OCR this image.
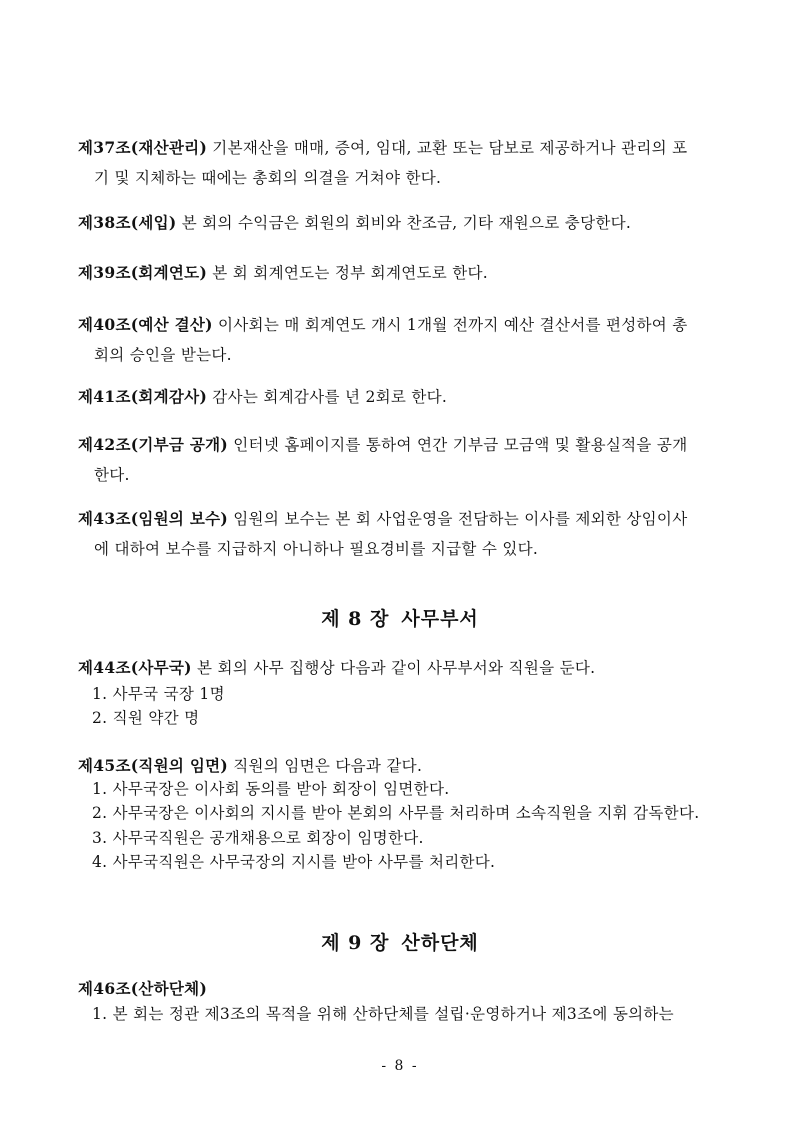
제37조(재산관리) 기본재산을 매매, 증여, 임대, 교환 또는 담보로 제공하거나 관리의 포
기 및 지체하는 때에는 총회의 의결을 거쳐야 한다.
제38조(세입) 본 회의 수익금은 회원의 회비와 찬조금, 기타 재원으로 충당한다.
제39조(회계연도) 본 회 회계연도는 정부 회계연도로 한다.
제40조(예산 결산) 이사회는 매 회계연도 개시 1개월 전까지 예산 결산서를 편성하여 총
회의 승인을 받는다.
제41조(회계감사) 감사는 회계감사를 년 2회로 한다.
제42조(기부금 공개) 인터넷 홈페이지를 통하여 연간 기부금 모금액 및 활용실적을 공개
한다.
제43조(임원의 보수) 임원의 보수는 본 회 사업운영을 전담하는 이사를 제외한 상임이사
에 대하여 보수를 지급하지 아니하나 필요경비를 지급할 수 있다.
제 8 장 사무부서
제44조(사무국) 본 회의 사무 집행상 다음과 같이 사무부서와 직원을 둔다.
1. 사무국 국장 1명
2. 직원 약간 명
제45조(직원의 임면) 직원의 임면은 다음과 같다.
1. 사무국장은 이사회 동의를 받아 회장이 임면한다.
2. 사무국장은 이사회의 지시를 받아 본회의 사무를 처리하며 소속직원을 지휘 감독한다.
3. 사무국직원은 공개채용으로 회장이 임명한다.
4. 사무국직원은 사무국장의 지시를 받아 사무를 처리한다.
제 9 장 산하단체
제46조(산하단체)
1. 본 회는 정관 제3조의 목적을 위해 산하단체를 설립·운영하거나 제3조에 동의하는
- 8 -
